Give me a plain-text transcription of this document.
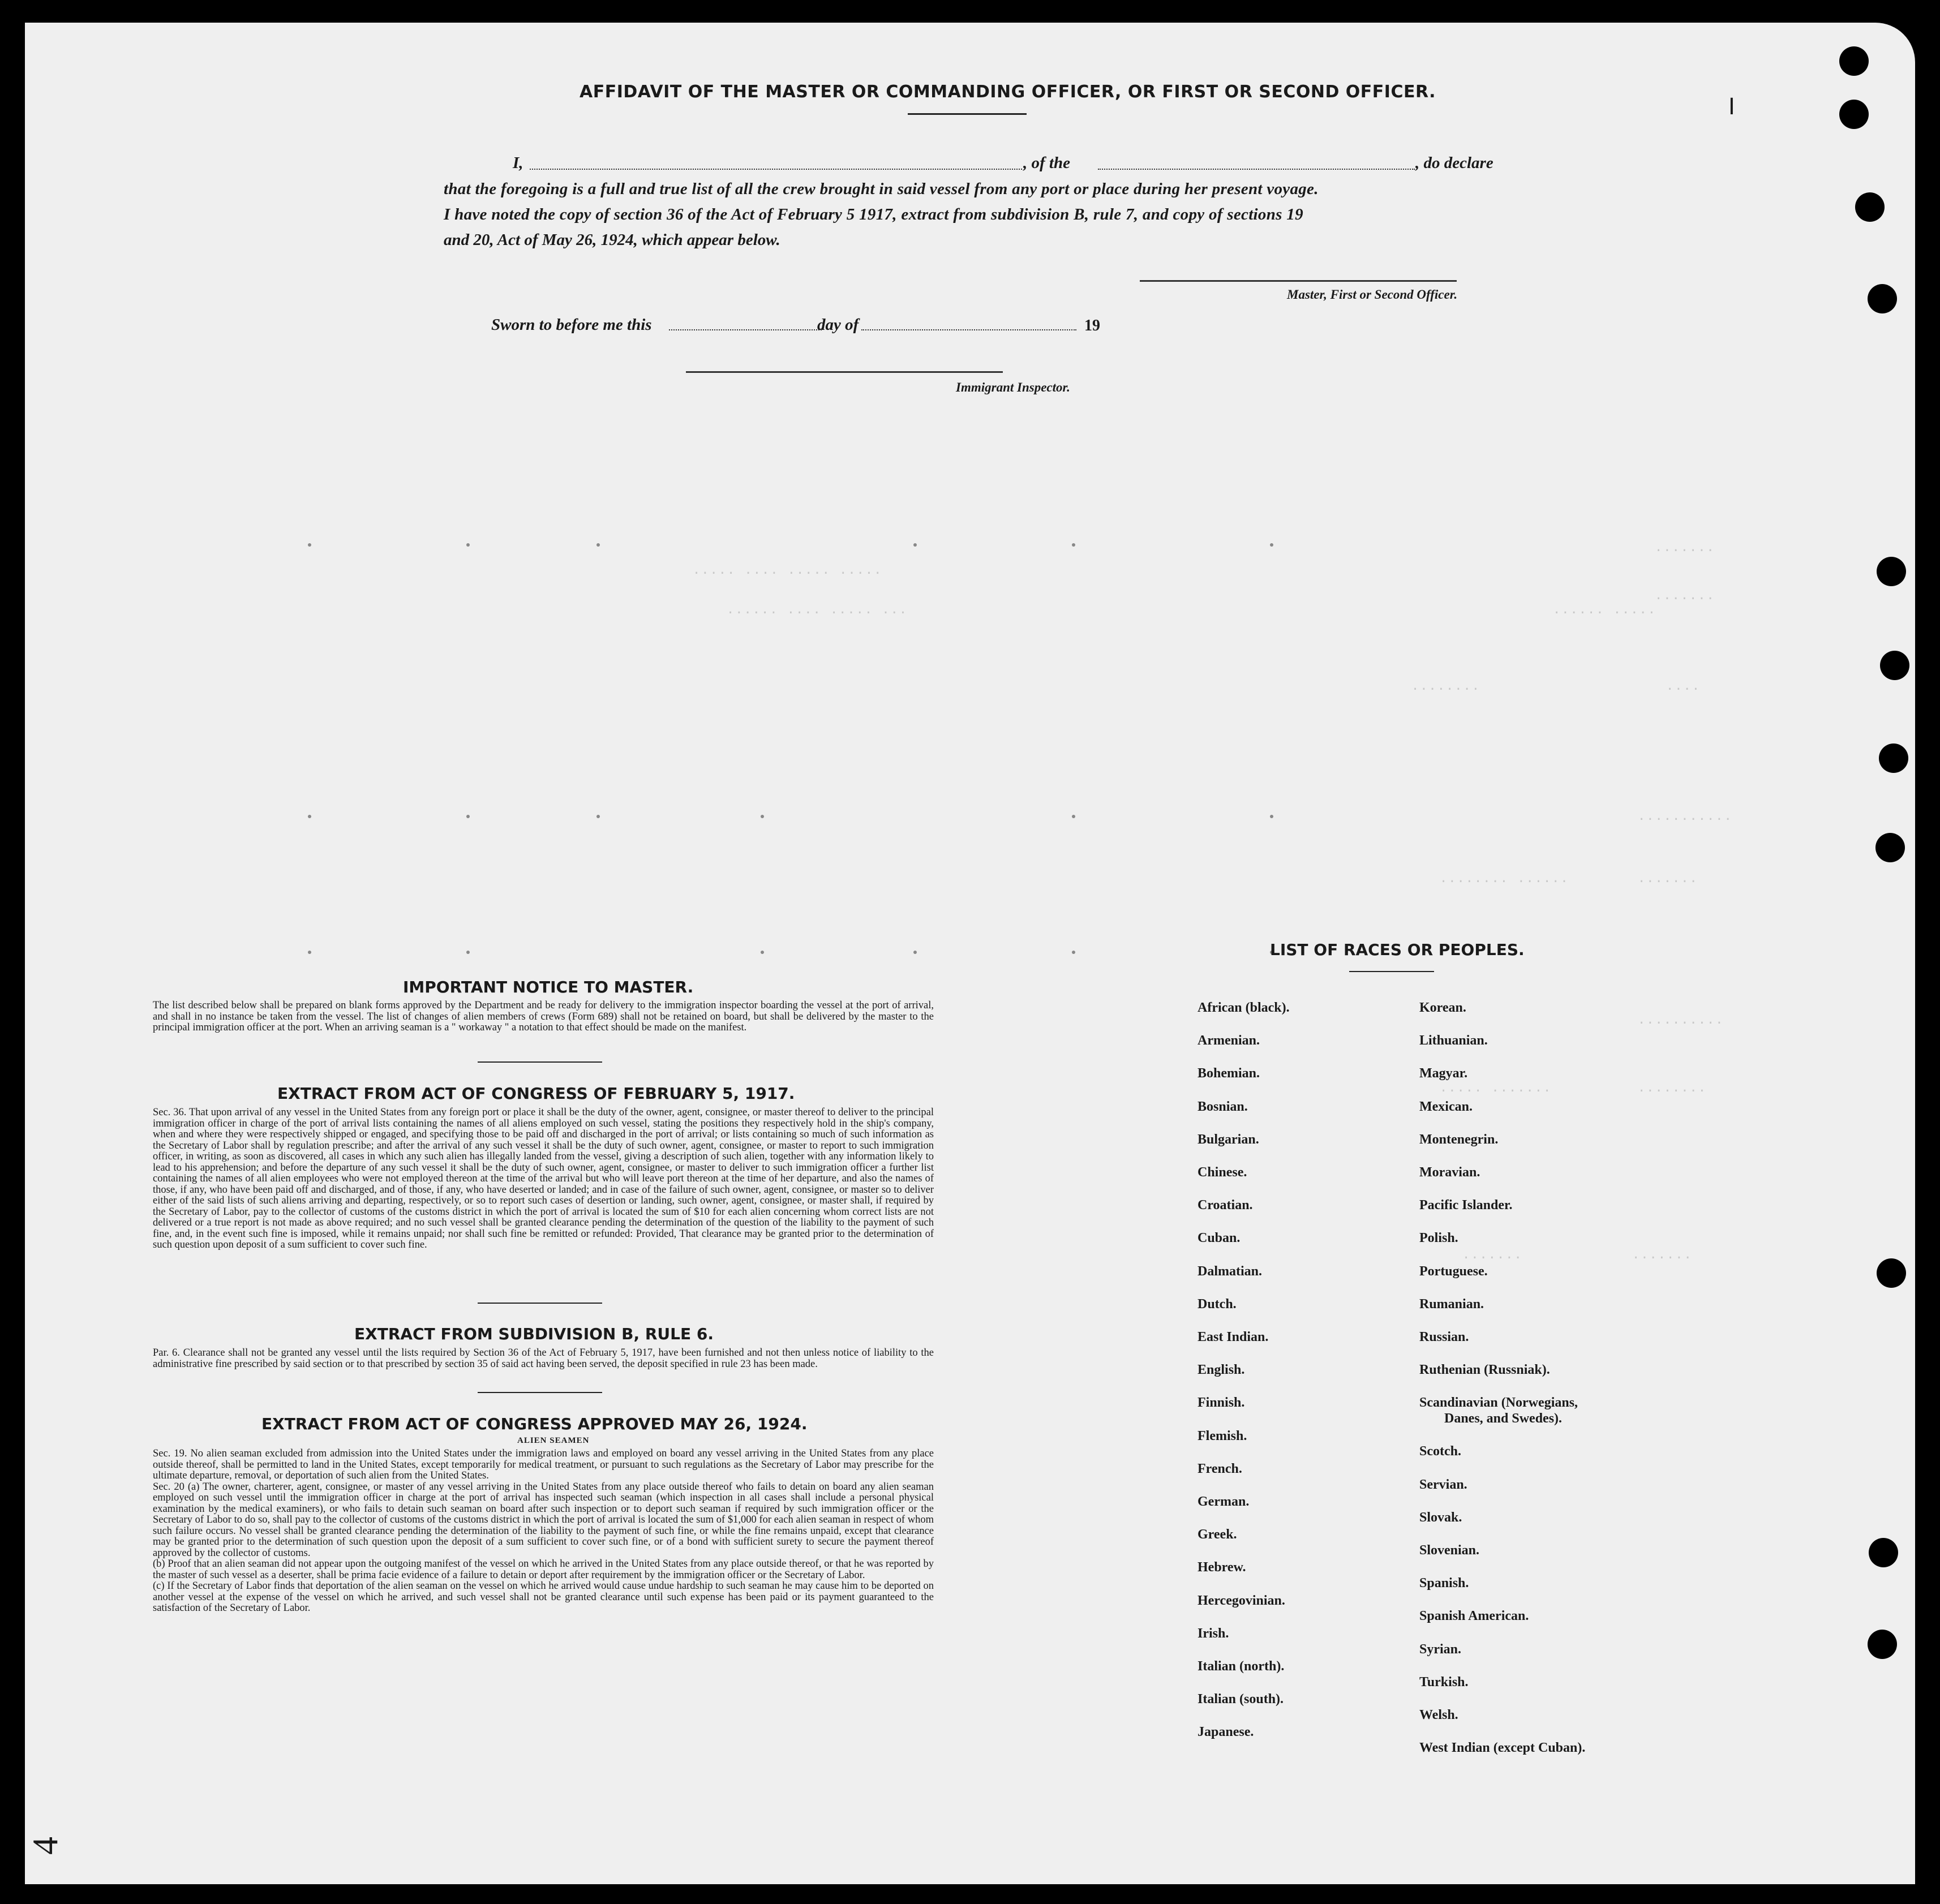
..... .... ..... .....
...... .... ..... ...	...... .....
.......
.......
....
........
...........
........ ......	.......
..........
..... .......	........
.......	.......
I
4
AFFIDAVIT OF THE MASTER OR COMMANDING OFFICER, OR FIRST OR SECOND OFFICER.
I,	, of the	, do declare
that the foregoing is a full and true list of all the crew brought in said vessel from any port or place during her present voyage.
I have noted the copy of section 36 of the Act of February 5 1917, extract from subdivision B, rule 7, and copy of sections 19
and 20, Act of May 26, 1924, which appear below.
Master, First or Second Officer.
Sworn to before me this	day of	19
Immigrant Inspector.
IMPORTANT NOTICE TO MASTER.
The list described below shall be prepared on blank forms approved by the Department and be ready for delivery to the immigration inspector boarding the vessel at the port of arrival, and shall in no instance be taken from the vessel. The list of changes of alien members of crews (Form 689) shall not be retained on board, but shall be delivered by the master to the principal immigration officer at the port. When an arriving seaman is a " workaway " a notation to that effect should be made on the manifest.
EXTRACT FROM ACT OF CONGRESS OF FEBRUARY 5, 1917.
Sec. 36. That upon arrival of any vessel in the United States from any foreign port or place it shall be the duty of the owner, agent, consignee, or master thereof to deliver to the principal immigration officer in charge of the port of arrival lists containing the names of all aliens employed on such vessel, stating the positions they respectively hold in the ship's company, when and where they were respectively shipped or engaged, and specifying those to be paid off and discharged in the port of arrival; or lists containing so much of such information as the Secretary of Labor shall by regulation prescribe; and after the arrival of any such vessel it shall be the duty of such owner, agent, consignee, or master to report to such immigration officer, in writing, as soon as discovered, all cases in which any such alien has illegally landed from the vessel, giving a description of such alien, together with any information likely to lead to his apprehension; and before the departure of any such vessel it shall be the duty of such owner, agent, consignee, or master to deliver to such immigration officer a further list containing the names of all alien employees who were not employed thereon at the time of the arrival but who will leave port thereon at the time of her departure, and also the names of those, if any, who have been paid off and discharged, and of those, if any, who have deserted or landed; and in case of the failure of such owner, agent, consignee, or master so to deliver either of the said lists of such aliens arriving and departing, respectively, or so to report such cases of desertion or landing, such owner, agent, consignee, or master shall, if required by the Secretary of Labor, pay to the collector of customs of the customs district in which the port of arrival is located the sum of $10 for each alien concerning whom correct lists are not delivered or a true report is not made as above required; and no such vessel shall be granted clearance pending the determination of the question of the liability to the payment of such fine, and, in the event such fine is imposed, while it remains unpaid; nor shall such fine be remitted or refunded: Provided, That clearance may be granted prior to the determination of such question upon deposit of a sum sufficient to cover such fine.
EXTRACT FROM SUBDIVISION B, RULE 6.
Par. 6. Clearance shall not be granted any vessel until the lists required by Section 36 of the Act of February 5, 1917, have been furnished and not then unless notice of liability to the administrative fine prescribed by said section or to that prescribed by section 35 of said act having been served, the deposit specified in rule 23 has been made.
EXTRACT FROM ACT OF CONGRESS APPROVED MAY 26, 1924.
ALIEN SEAMEN
Sec. 19. No alien seaman excluded from admission into the United States under the immigration laws and employed on board any vessel arriving in the United States from any place outside thereof, shall be permitted to land in the United States, except temporarily for medical treatment, or pursuant to such regulations as the Secretary of Labor may prescribe for the ultimate departure, removal, or deportation of such alien from the United States.
Sec. 20 (a) The owner, charterer, agent, consignee, or master of any vessel arriving in the United States from any place outside thereof who fails to detain on board any alien seaman employed on such vessel until the immigration officer in charge at the port of arrival has inspected such seaman (which inspection in all cases shall include a personal physical examination by the medical examiners), or who fails to detain such seaman on board after such inspection or to deport such seaman if required by such immigration officer or the Secretary of Labor to do so, shall pay to the collector of customs of the customs district in which the port of arrival is located the sum of $1,000 for each alien seaman in respect of whom such failure occurs. No vessel shall be granted clearance pending the determination of the liability to the payment of such fine, or while the fine remains unpaid, except that clearance may be granted prior to the determination of such question upon the deposit of a sum sufficient to cover such fine, or of a bond with sufficient surety to secure the payment thereof approved by the collector of customs.
(b) Proof that an alien seaman did not appear upon the outgoing manifest of the vessel on which he arrived in the United States from any place outside thereof, or that he was reported by the master of such vessel as a deserter, shall be prima facie evidence of a failure to detain or deport after requirement by the immigration officer or the Secretary of Labor.
(c) If the Secretary of Labor finds that deportation of the alien seaman on the vessel on which he arrived would cause undue hardship to such seaman he may cause him to be deported on another vessel at the expense of the vessel on which he arrived, and such vessel shall not be granted clearance until such expense has been paid or its payment guaranteed to the satisfaction of the Secretary of Labor.
LIST OF RACES OR PEOPLES.
African (black).
Armenian.
Bohemian.
Bosnian.
Bulgarian.
Chinese.
Croatian.
Cuban.
Dalmatian.
Dutch.
East Indian.
English.
Finnish.
Flemish.
French.
German.
Greek.
Hebrew.
Hercegovinian.
Irish.
Italian (north).
Italian (south).
Japanese.
Korean.
Lithuanian.
Magyar.
Mexican.
Montenegrin.
Moravian.
Pacific Islander.
Polish.
Portuguese.
Rumanian.
Russian.
Ruthenian (Russniak).
Scandinavian (Norwegians,
Danes, and Swedes).
Scotch.
Servian.
Slovak.
Slovenian.
Spanish.
Spanish American.
Syrian.
Turkish.
Welsh.
West Indian (except Cuban).
